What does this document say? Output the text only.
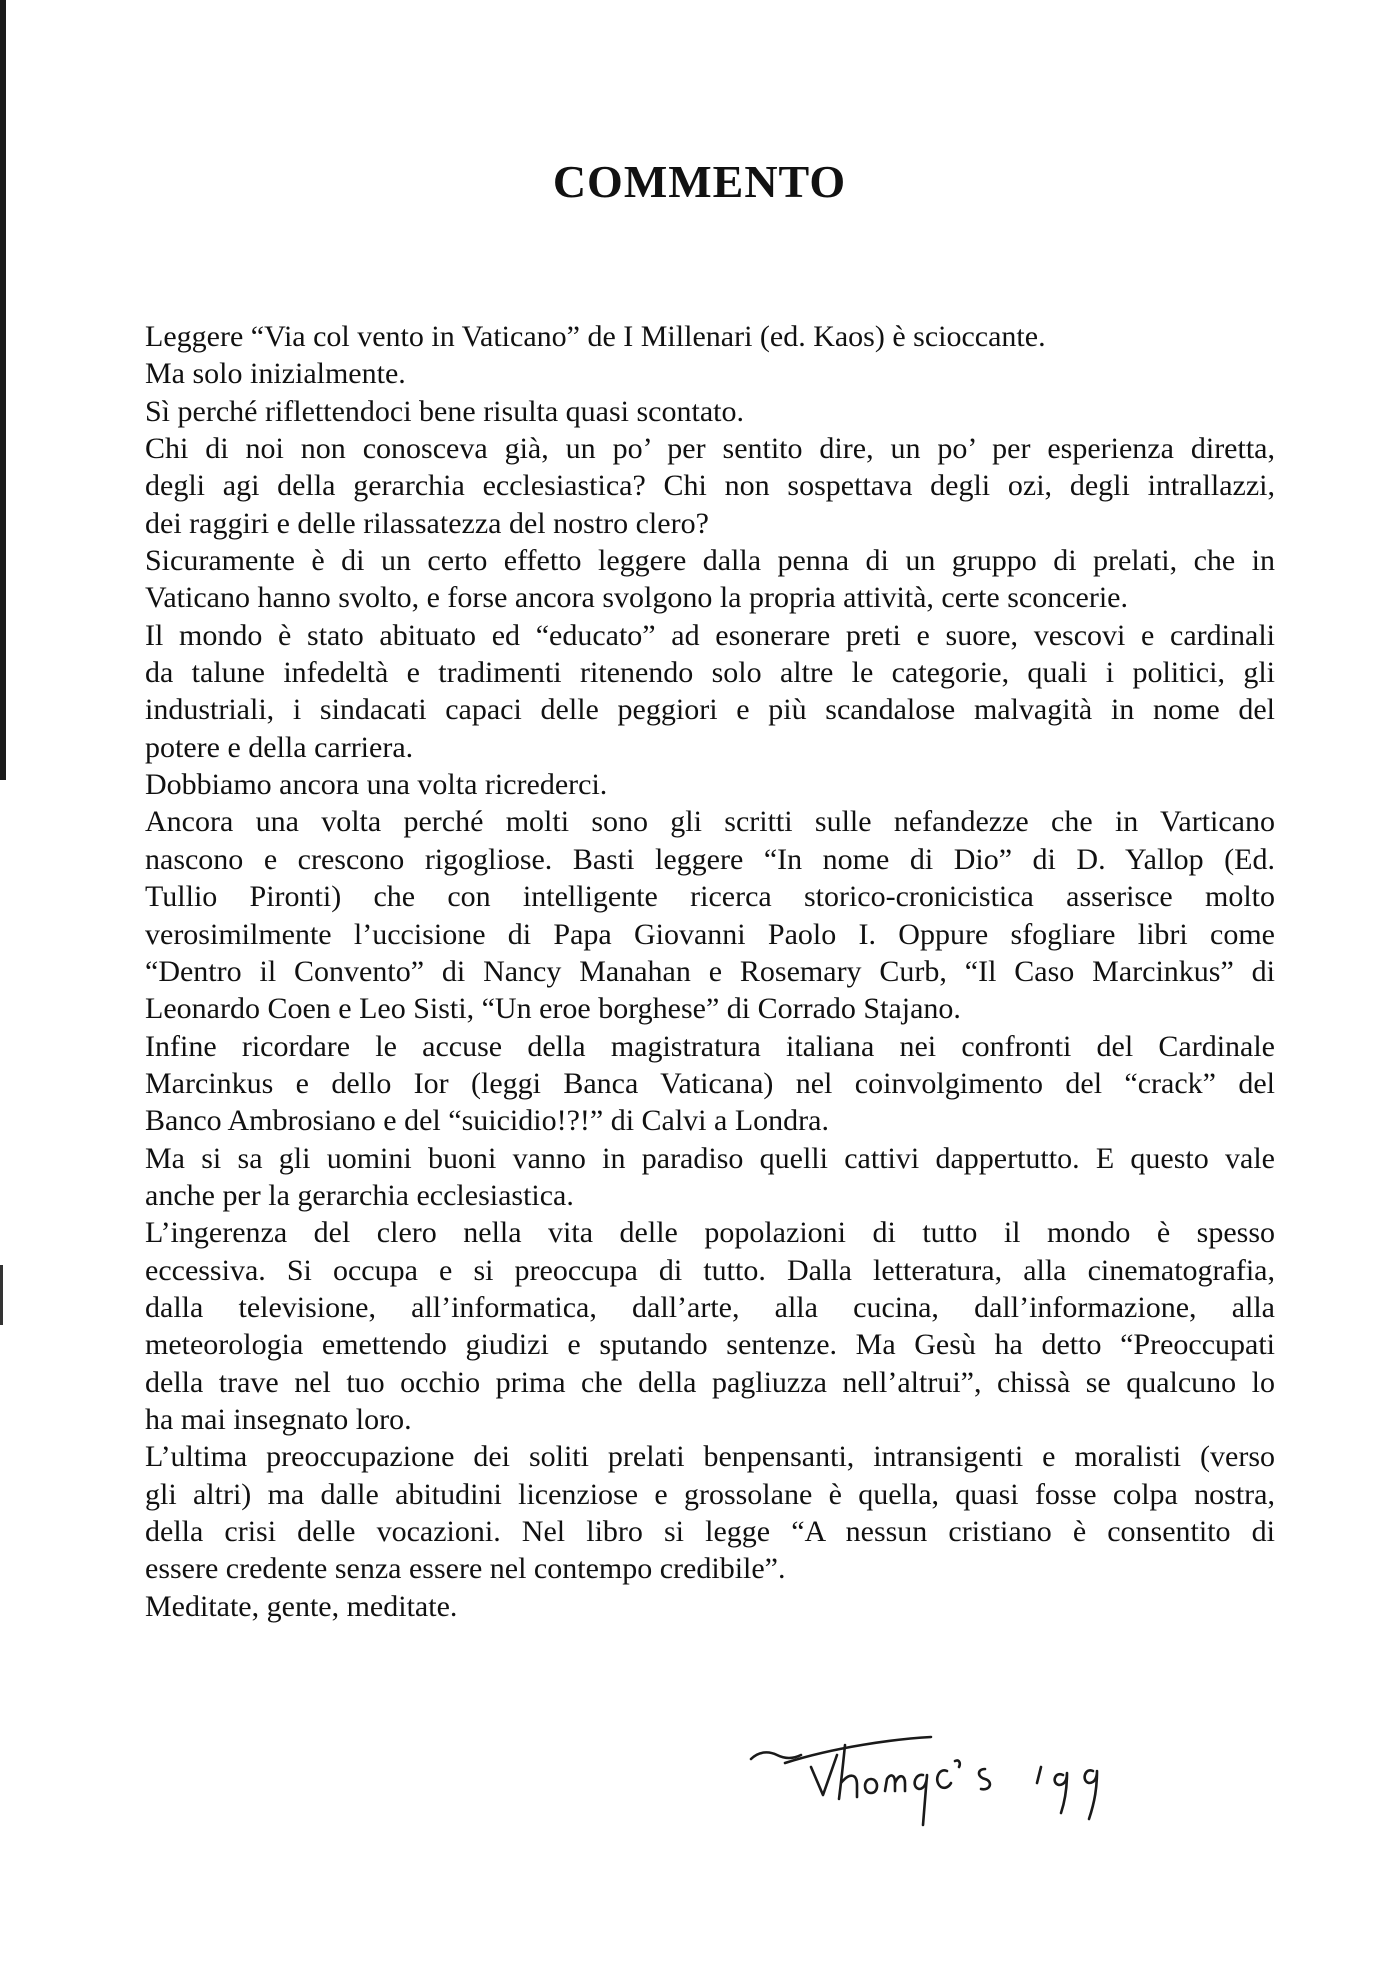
COMMENTO
Leggere “Via col vento in Vaticano” de I Millenari (ed. Kaos) è scioccante.
Ma solo inizialmente.
Sì perché riflettendoci bene risulta quasi scontato.
Chi di noi non conosceva già, un po’ per sentito dire, un po’ per esperienza diretta,
degli agi della gerarchia ecclesiastica? Chi non sospettava degli ozi, degli intrallazzi,
dei raggiri e delle rilassatezza del nostro clero?
Sicuramente è di un certo effetto leggere dalla penna di un gruppo di prelati, che in
Vaticano hanno svolto, e forse ancora svolgono la propria attività, certe sconcerie.
Il mondo è stato abituato ed “educato” ad esonerare preti e suore, vescovi e cardinali
da talune infedeltà e tradimenti ritenendo solo altre le categorie, quali i politici, gli
industriali, i sindacati capaci delle peggiori e più scandalose malvagità in nome del
potere e della carriera.
Dobbiamo ancora una volta ricrederci.
Ancora una volta perché molti sono gli scritti sulle nefandezze che in Varticano
nascono e crescono rigogliose. Basti leggere “In nome di Dio” di D. Yallop (Ed.
Tullio Pironti) che con intelligente ricerca storico-cronicistica asserisce molto
verosimilmente l’uccisione di Papa Giovanni Paolo I. Oppure sfogliare libri come
“Dentro il Convento” di Nancy Manahan e Rosemary Curb, “Il Caso Marcinkus” di
Leonardo Coen e Leo Sisti, “Un eroe borghese” di Corrado Stajano.
Infine ricordare le accuse della magistratura italiana nei confronti del Cardinale
Marcinkus e dello Ior (leggi Banca Vaticana) nel coinvolgimento del “crack” del
Banco Ambrosiano e del “suicidio!?!” di Calvi a Londra.
Ma si sa gli uomini buoni vanno in paradiso quelli cattivi dappertutto. E questo vale
anche per la gerarchia ecclesiastica.
L’ingerenza del clero nella vita delle popolazioni di tutto il mondo è spesso
eccessiva. Si occupa e si preoccupa di tutto. Dalla letteratura, alla cinematografia,
dalla televisione, all’informatica, dall’arte, alla cucina, dall’informazione, alla
meteorologia emettendo giudizi e sputando sentenze. Ma Gesù ha detto “Preoccupati
della trave nel tuo occhio prima che della pagliuzza nell’altrui”, chissà se qualcuno lo
ha mai insegnato loro.
L’ultima preoccupazione dei soliti prelati benpensanti, intransigenti e moralisti (verso
gli altri) ma dalle abitudini licenziose e grossolane è quella, quasi fosse colpa nostra,
della crisi delle vocazioni. Nel libro si legge “A nessun cristiano è consentito di
essere credente senza essere nel contempo credibile”.
Meditate, gente, meditate.
